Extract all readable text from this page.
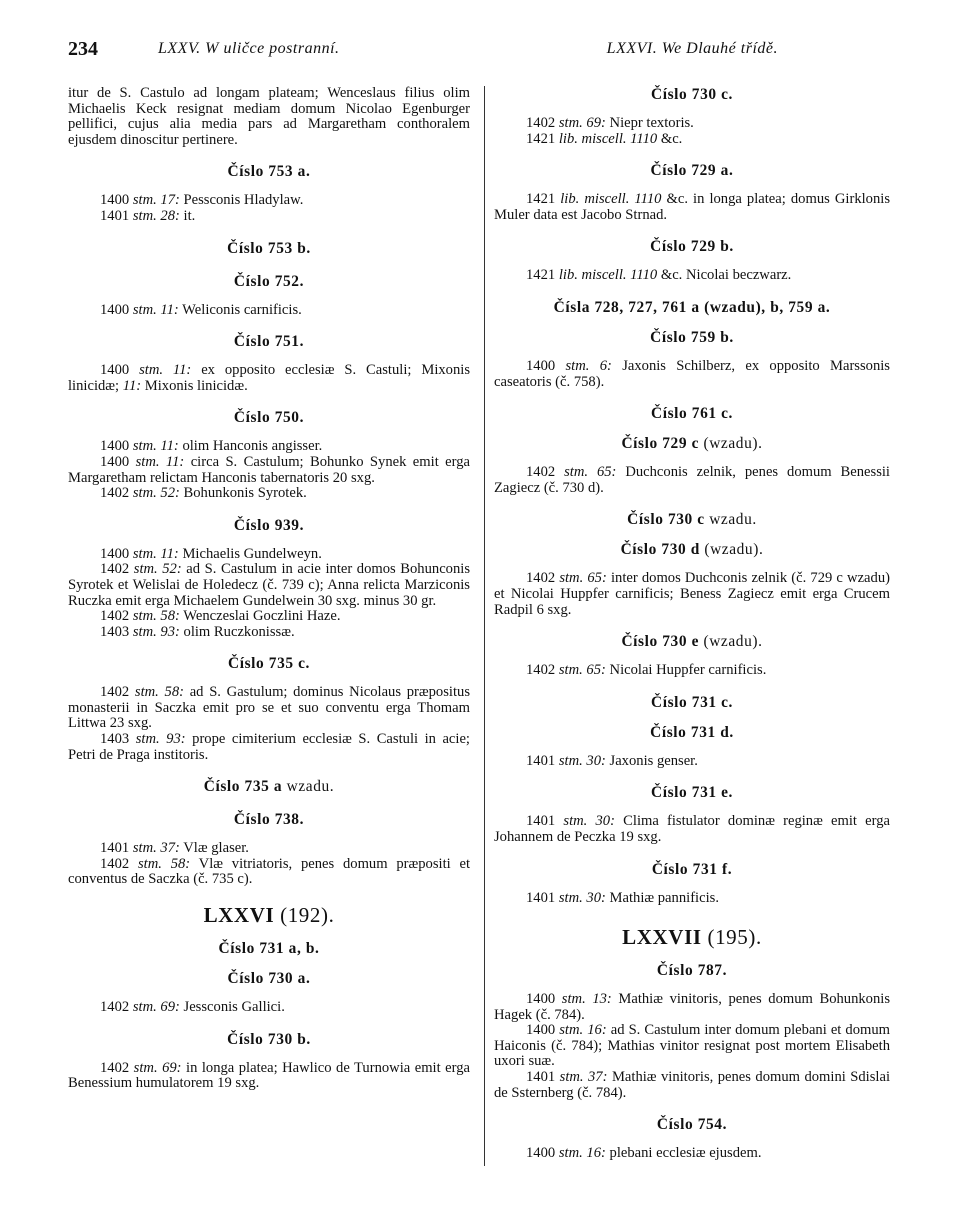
234	LXXV. W uličce postranní.	LXXVI. We Dlauhé třídě.

itur de S. Castulo ad longam plateam; Wenceslaus filius olim Michaelis Keck resignat mediam domum Nicolao Egenburger pellifici, cujus alia media pars ad Margaretham conthoralem ejusdem dinoscitur pertinere.

Číslo 753 a.

1400 stm. 17: Pessconis Hladylaw.

1401 stm. 28: it.

Číslo 753 b.

Číslo 752.

1400 stm. 11: Weliconis carnificis.

Číslo 751.

1400 stm. 11: ex opposito ecclesiæ S. Castuli; Mixonis linicidæ; 11: Mixonis linicidæ.

Číslo 750.

1400 stm. 11: olim Hanconis angisser.

1400 stm. 11: circa S. Castulum; Bohunko Synek emit erga Margaretham relictam Hanconis tabernatoris 20 sxg.

1402 stm. 52: Bohunkonis Syrotek.

Číslo 939.

1400 stm. 11: Michaelis Gundelweyn.

1402 stm. 52: ad S. Castulum in acie inter domos Bohunconis Syrotek et Welislai de Holedecz (č. 739 c); Anna relicta Marziconis Ruczka emit erga Michaelem Gundelwein 30 sxg. minus 30 gr.

1402 stm. 58: Wenczeslai Goczlini Haze.

1403 stm. 93: olim Ruczkonissæ.

Číslo 735 c.

1402 stm. 58: ad S. Gastulum; dominus Nicolaus præpositus monasterii in Saczka emit pro se et suo conventu erga Thomam Littwa 23 sxg.

1403 stm. 93: prope cimiterium ecclesiæ S. Castuli in acie; Petri de Praga institoris.

Číslo 735 a wzadu.

Číslo 738.

1401 stm. 37: Vlæ glaser.

1402 stm. 58: Vlæ vitriatoris, penes domum præpositi et conventus de Saczka (č. 735 c).

LXXVI (192).

Číslo 731 a, b.

Číslo 730 a.

1402 stm. 69: Jessconis Gallici.

Číslo 730 b.

1402 stm. 69: in longa platea; Hawlico de Turnowia emit erga Benessium humulatorem 19 sxg.

Číslo 730 c.

1402 stm. 69: Niepr textoris.

1421 lib. miscell. 1110 &c.

Číslo 729 a.

1421 lib. miscell. 1110 &c. in longa platea; domus Girklonis Muler data est Jacobo Strnad.

Číslo 729 b.

1421 lib. miscell. 1110 &c. Nicolai beczwarz.

Čísla 728, 727, 761 a (wzadu), b, 759 a.

Číslo 759 b.

1400 stm. 6: Jaxonis Schilberz, ex opposito Marssonis caseatoris (č. 758).

Číslo 761 c.

Číslo 729 c (wzadu).

1402 stm. 65: Duchconis zelnik, penes domum Benessii Zagiecz (č. 730 d).

Číslo 730 c wzadu.

Číslo 730 d (wzadu).

1402 stm. 65: inter domos Duchconis zelnik (č. 729 c wzadu) et Nicolai Huppfer carnificis; Beness Zagiecz emit erga Crucem Radpil 6 sxg.

Číslo 730 e (wzadu).

1402 stm. 65: Nicolai Huppfer carnificis.

Číslo 731 c.

Číslo 731 d.

1401 stm. 30: Jaxonis genser.

Číslo 731 e.

1401 stm. 30: Clima fistulator dominæ reginæ emit erga Johannem de Peczka 19 sxg.

Číslo 731 f.

1401 stm. 30: Mathiæ pannificis.

LXXVII (195).

Číslo 787.

1400 stm. 13: Mathiæ vinitoris, penes domum Bohunkonis Hagek (č. 784).

1400 stm. 16: ad S. Castulum inter domum plebani et domum Haiconis (č. 784); Mathias vinitor resignat post mortem Elisabeth uxori suæ.

1401 stm. 37: Mathiæ vinitoris, penes domum domini Sdislai de Ssternberg (č. 784).

Číslo 754.

1400 stm. 16: plebani ecclesiæ ejusdem.
